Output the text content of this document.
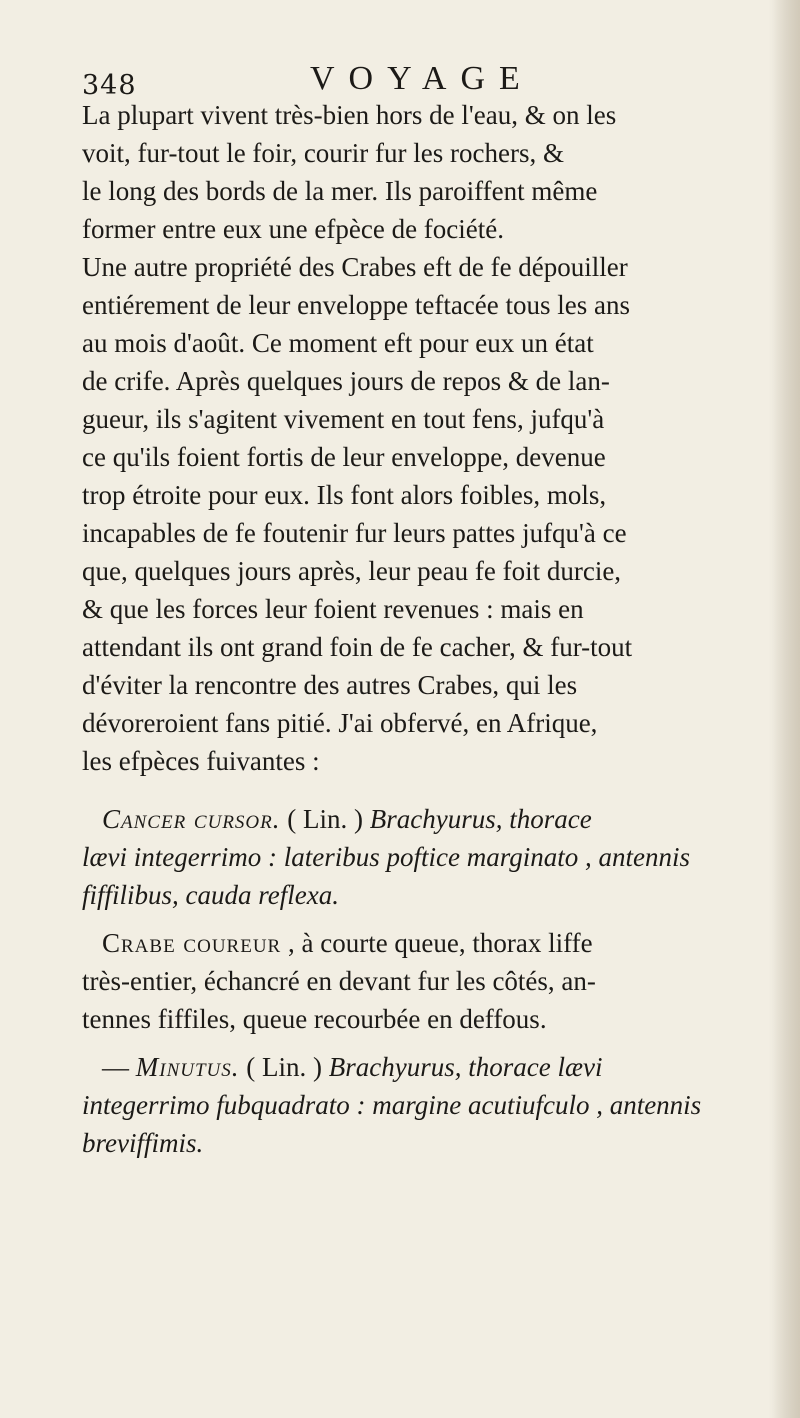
348	VOYAGE
La plupart vivent très-bien hors de l'eau, & on les
voit, fur-tout le foir, courir fur les rochers, &
le long des bords de la mer. Ils paroiffent même
former entre eux une efpèce de fociété.
Une autre propriété des Crabes eft de fe dépouiller
entiérement de leur enveloppe teftacée tous les ans
au mois d'août. Ce moment eft pour eux un état
de crife. Après quelques jours de repos & de lan-
gueur, ils s'agitent vivement en tout fens, jufqu'à
ce qu'ils foient fortis de leur enveloppe, devenue
trop étroite pour eux. Ils font alors foibles, mols,
incapables de fe foutenir fur leurs pattes jufqu'à ce
que, quelques jours après, leur peau fe foit durcie,
& que les forces leur foient revenues : mais en
attendant ils ont grand foin de fe cacher, & fur-tout
d'éviter la rencontre des autres Crabes, qui les
dévoreroient fans pitié. J'ai obfervé, en Afrique,
les efpèces fuivantes :
Cancer cursor. ( Lin. ) Brachyurus, thorace
lævi integerrimo : lateribus poftice marginato , antennis
fiffilibus, cauda reflexa.
Crabe coureur , à courte queue, thorax liffe
très-entier, échancré en devant fur les côtés, an-
tennes fiffiles, queue recourbée en deffous.
— Minutus. ( Lin. ) Brachyurus, thorace lævi
integerrimo fubquadrato : margine acutiufculo , antennis
breviffimis.
